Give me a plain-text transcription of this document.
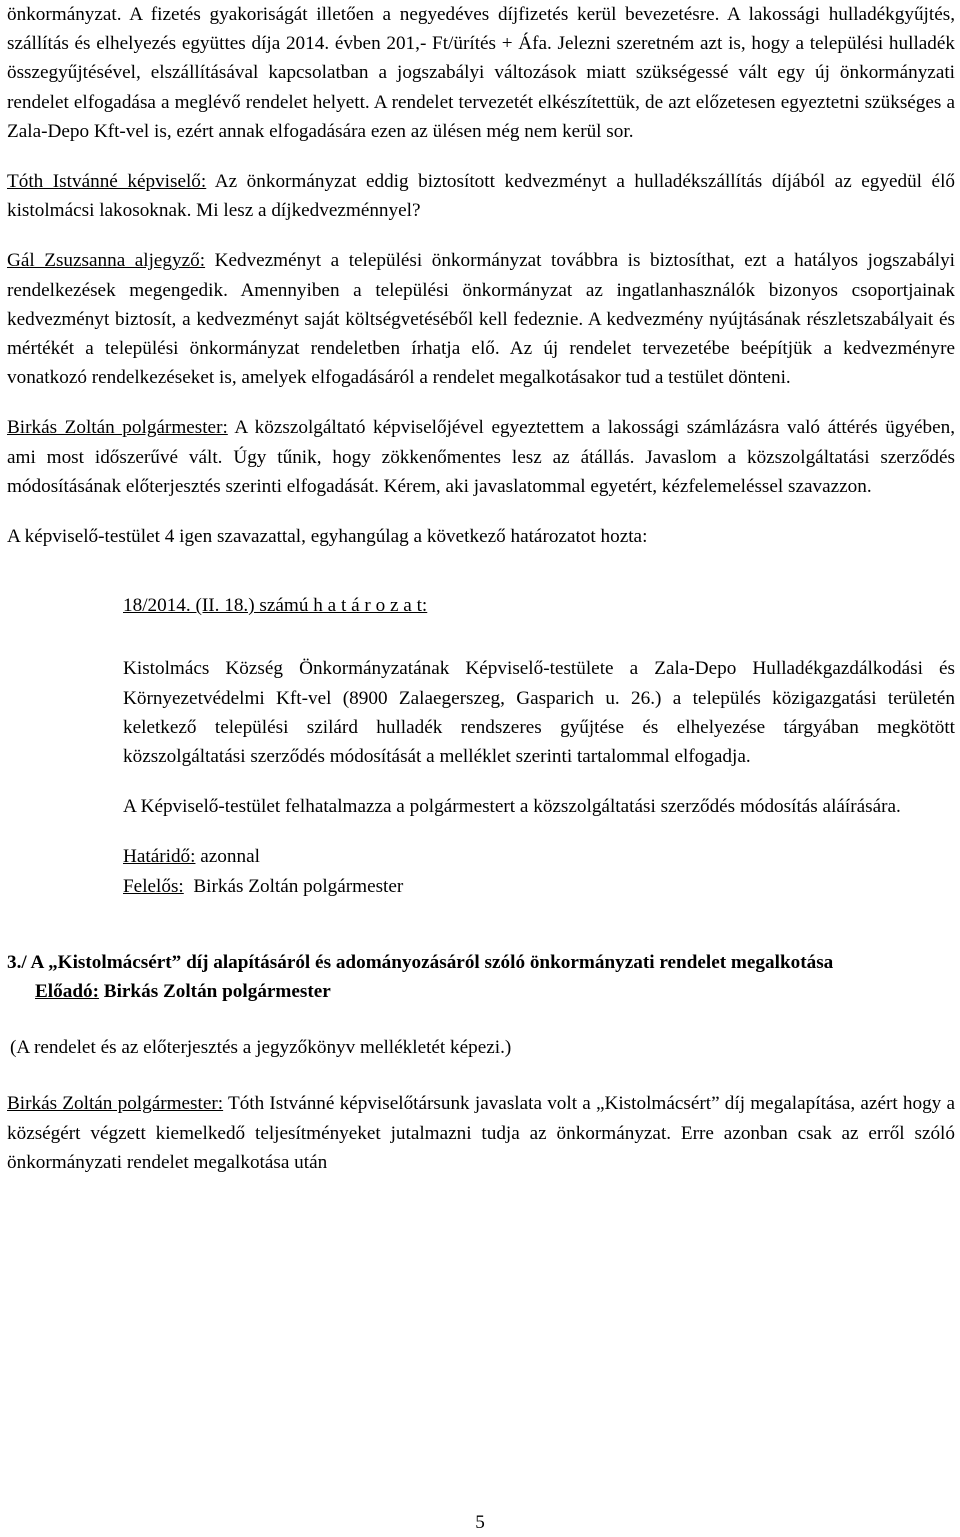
önkormányzat. A fizetés gyakoriságát illetően a negyedéves díjfizetés kerül bevezetésre. A lakossági hulladékgyűjtés, szállítás és elhelyezés együttes díja 2014. évben 201,- Ft/ürítés + Áfa. Jelezni szeretném azt is, hogy a települési hulladék összegyűjtésével, elszállításával kapcsolatban a jogszabályi változások miatt szükségessé vált egy új önkormányzati rendelet elfogadása a meglévő rendelet helyett. A rendelet tervezetét elkészítettük, de azt előzetesen egyeztetni szükséges a Zala-Depo Kft-vel is, ezért annak elfogadására ezen az ülésen még nem kerül sor.

Tóth Istvánné képviselő: Az önkormányzat eddig biztosított kedvezményt a hulladékszállítás díjából az egyedül élő kistolmácsi lakosoknak. Mi lesz a díjkedvezménnyel?

Gál Zsuzsanna aljegyző: Kedvezményt a települési önkormányzat továbbra is biztosíthat, ezt a hatályos jogszabályi rendelkezések megengedik. Amennyiben a települési önkormányzat az ingatlanhasználók bizonyos csoportjainak kedvezményt biztosít, a kedvezményt saját költségvetéséből kell fedeznie. A kedvezmény nyújtásának részletszabályait és mértékét a települési önkormányzat rendeletben írhatja elő. Az új rendelet tervezetébe beépítjük a kedvezményre vonatkozó rendelkezéseket is, amelyek elfogadásáról a rendelet megalkotásakor tud a testület dönteni.

Birkás Zoltán polgármester: A közszolgáltató képviselőjével egyeztettem a lakossági számlázásra való áttérés ügyében, ami most időszerűvé vált. Úgy tűnik, hogy zökkenőmentes lesz az átállás. Javaslom a közszolgáltatási szerződés módosításának előterjesztés szerinti elfogadását. Kérem, aki javaslatommal egyetért, kézfelemeléssel szavazzon.

A képviselő-testület 4 igen szavazattal, egyhangúlag a következő határozatot hozta:

18/2014. (II. 18.) számú h a t á r o z a t:

Kistolmács Község Önkormányzatának Képviselő-testülete a Zala-Depo Hulladékgazdálkodási és Környezetvédelmi Kft-vel (8900 Zalaegerszeg, Gasparich u. 26.) a település közigazgatási területén keletkező települési szilárd hulladék rendszeres gyűjtése és elhelyezése tárgyában megkötött közszolgáltatási szerződés módosítását a melléklet szerinti tartalommal elfogadja.

A Képviselő-testület felhatalmazza a polgármestert a közszolgáltatási szerződés módosítás aláírására.

Határidő: azonnal

Felelős:  Birkás Zoltán polgármester

3./ A „Kistolmácsért” díj alapításáról és adományozásáról szóló önkormányzati rendelet megalkotása

Előadó: Birkás Zoltán polgármester

(A rendelet és az előterjesztés a jegyzőkönyv mellékletét képezi.)

Birkás Zoltán polgármester: Tóth Istvánné képviselőtársunk javaslata volt a „Kistolmácsért” díj megalapítása, azért hogy a községért végzett kiemelkedő teljesítményeket jutalmazni tudja az önkormányzat. Erre azonban csak az erről szóló önkormányzati rendelet megalkotása után

5
